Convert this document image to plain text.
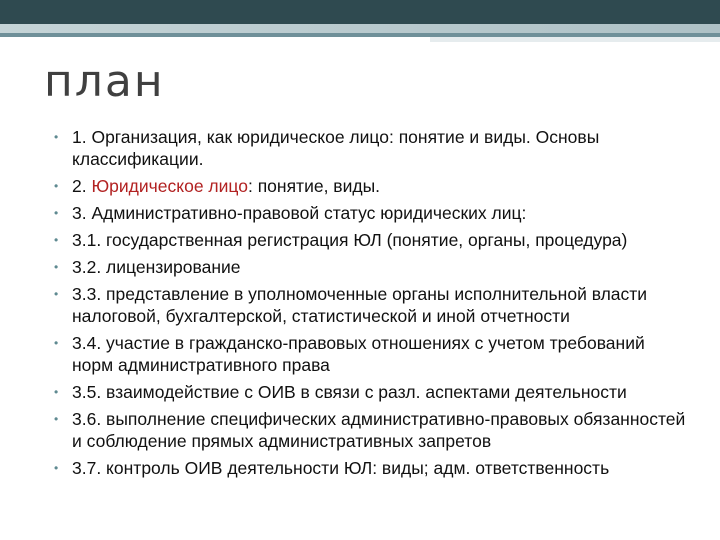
план
• 1. Организация, как юридическое лицо: понятие и виды. Основы классификации.
• 2. Юридическое лицо: понятие, виды.
• 3. Административно-правовой статус юридических лиц:
• 3.1. государственная регистрация ЮЛ (понятие, органы, процедура)
• 3.2. лицензирование
• 3.3. представление в уполномоченные органы исполнительной власти налоговой, бухгалтерской, статистической и иной отчетности
• 3.4. участие в гражданско-правовых отношениях с учетом требований норм административного права
• 3.5. взаимодействие с ОИВ в связи с разл. аспектами деятельности
• 3.6. выполнение специфических административно-правовых обязанностей и соблюдение прямых административных запретов
• 3.7. контроль ОИВ деятельности ЮЛ: виды; адм. ответственность
